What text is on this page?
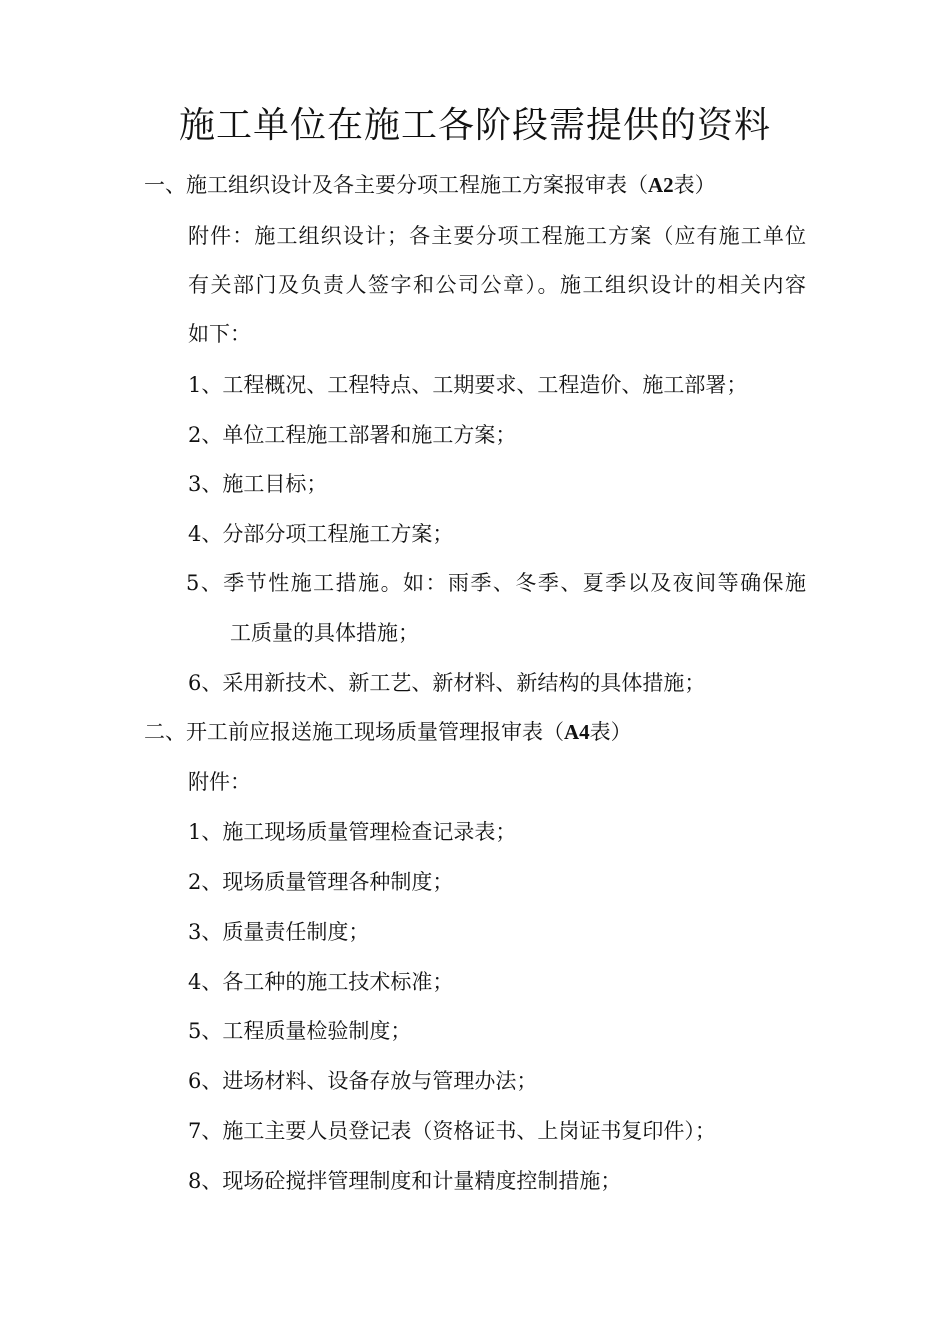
施工单位在施工各阶段需提供的资料

一、施工组织设计及各主要分项工程施工方案报审表（A2表）

附件：施工组织设计；各主要分项工程施工方案（应有施工单位

有关部门及负责人签字和公司公章）。施工组织设计的相关内容

如下：

1、工程概况、工程特点、工期要求、工程造价、施工部署；

2、单位工程施工部署和施工方案；

3、施工目标；

4、分部分项工程施工方案；

5、季节性施工措施。如：雨季、冬季、夏季以及夜间等确保施

工质量的具体措施；

6、采用新技术、新工艺、新材料、新结构的具体措施；

二、开工前应报送施工现场质量管理报审表（A4表）

附件：

1、施工现场质量管理检查记录表；

2、现场质量管理各种制度；

3、质量责任制度；

4、各工种的施工技术标准；

5、工程质量检验制度；

6、进场材料、设备存放与管理办法；

7、施工主要人员登记表（资格证书、上岗证书复印件）；

8、现场砼搅拌管理制度和计量精度控制措施；
